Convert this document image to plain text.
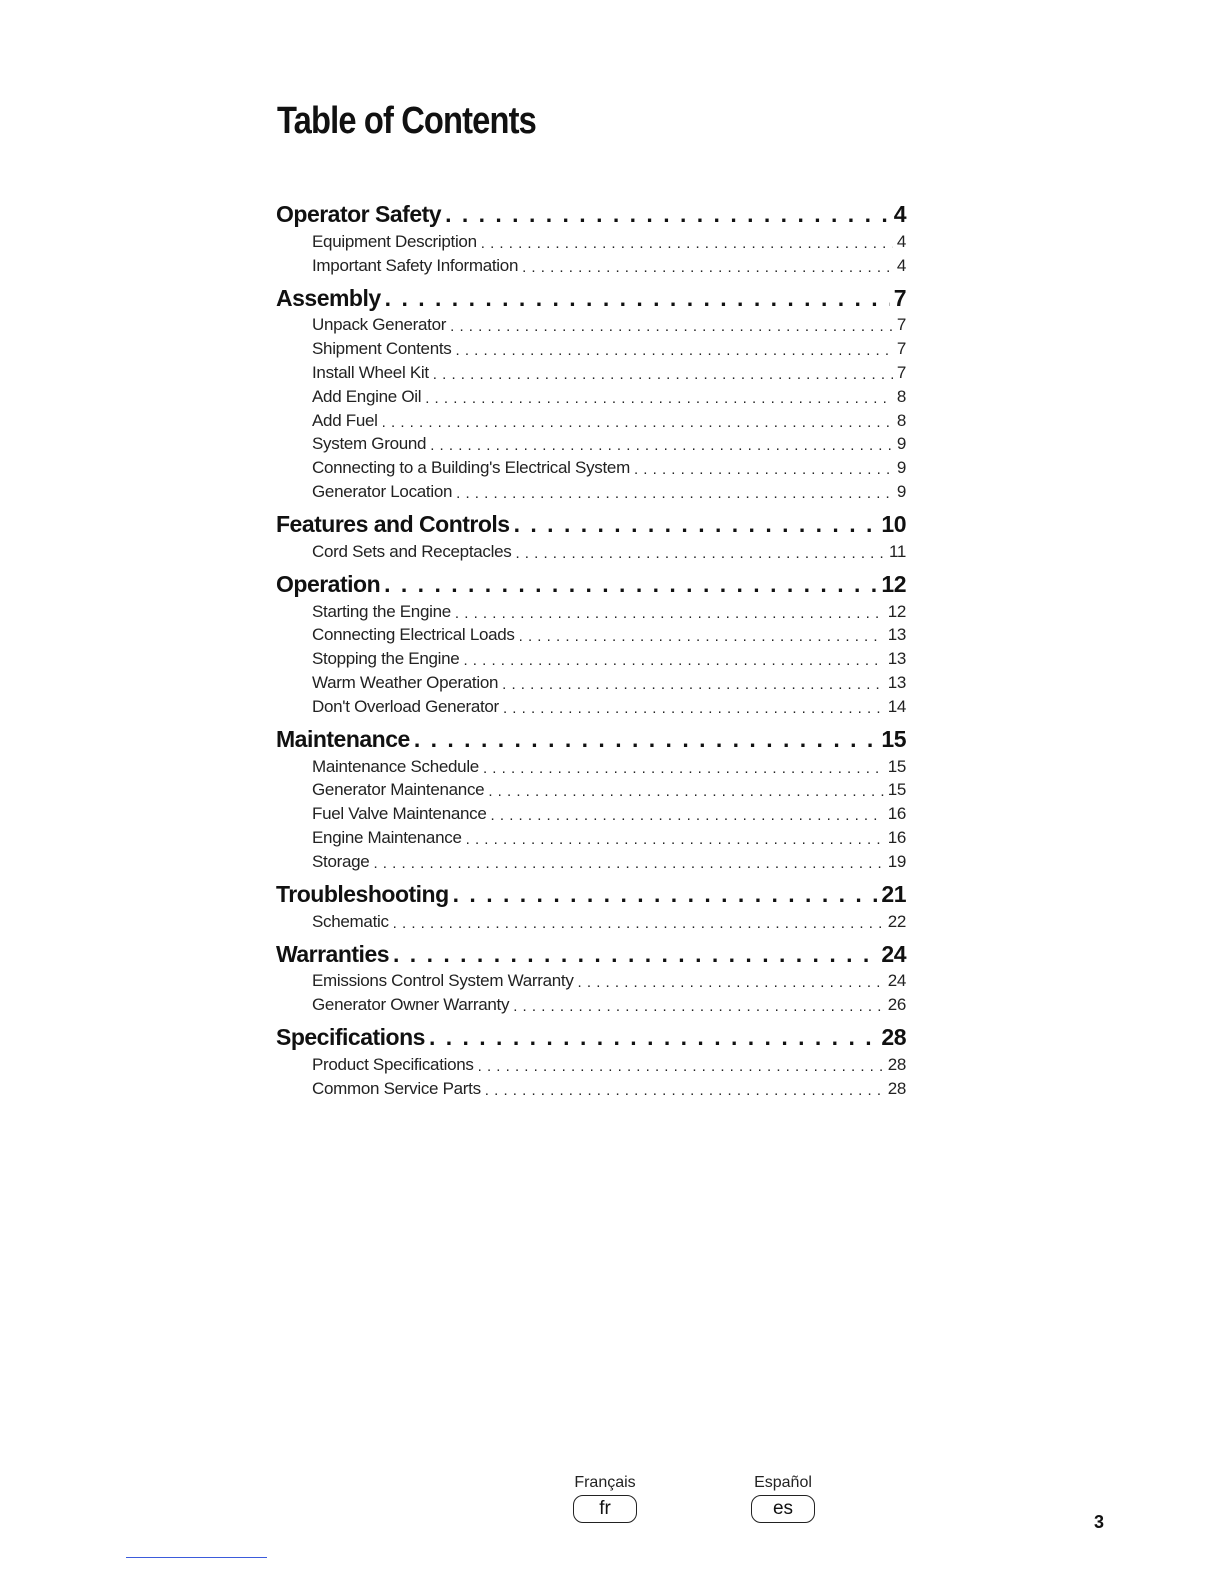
Table of Contents
Operator Safety . . .	4
Equipment Description . . .	4
Important Safety Information . . .	4
Assembly . . .	7
Unpack Generator . . .	7
Shipment Contents . . .	7
Install Wheel Kit . . .	7
Add Engine Oil . . .	8
Add Fuel . . .	8
System Ground . . .	9
Connecting to a Building's Electrical System . . .	9
Generator Location . . .	9
Features and Controls . . .	10
Cord Sets and Receptacles . . .	11
Operation . . .	12
Starting the Engine . . .	12
Connecting Electrical Loads . . .	13
Stopping the Engine . . .	13
Warm Weather Operation . . .	13
Don't Overload Generator . . .	14
Maintenance . . .	15
Maintenance Schedule . . .	15
Generator Maintenance . . .	15
Fuel Valve Maintenance . . .	16
Engine Maintenance . . .	16
Storage . . .	19
Troubleshooting . . .	21
Schematic . . .	22
Warranties . . .	24
Emissions Control System Warranty . . .	24
Generator Owner Warranty . . .	26
Specifications . . .	28
Product Specifications . . .	28
Common Service Parts . . .	28
Français
fr
Español
es
3
